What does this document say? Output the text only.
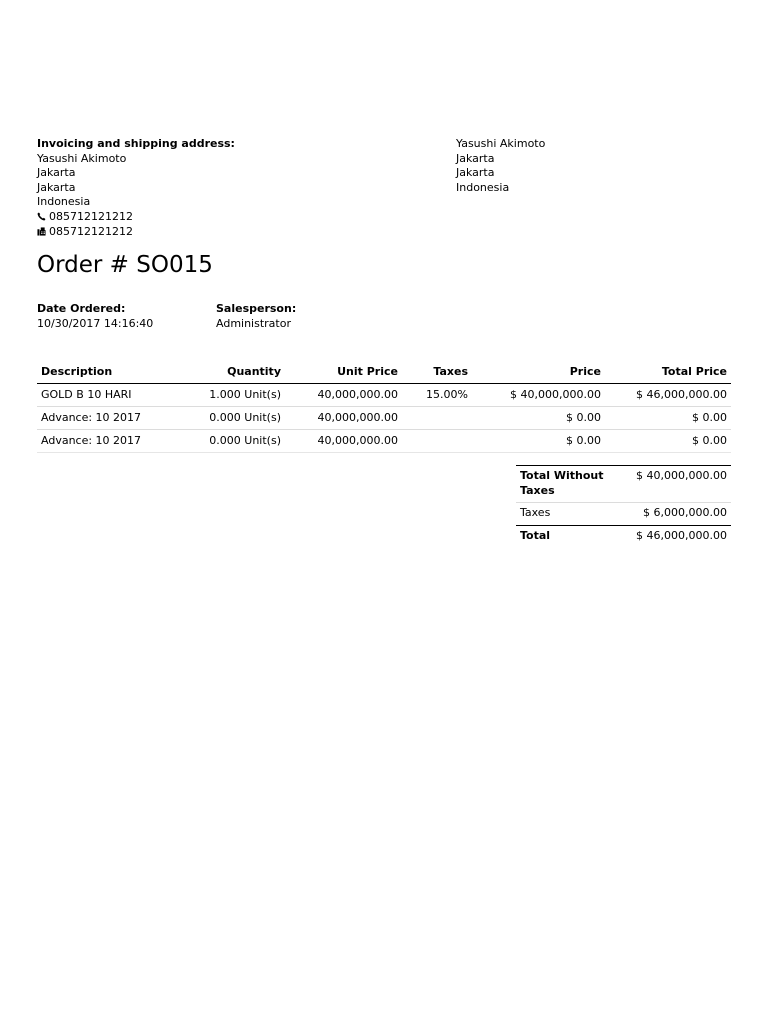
Invoicing and shipping address:
Yasushi Akimoto
Jakarta
Jakarta
Indonesia
085712121212
085712121212
Yasushi Akimoto
Jakarta
Jakarta
Indonesia
Order # SO015
Date Ordered:
10/30/2017 14:16:40
Salesperson:
Administrator
Description	Quantity	Unit Price	Taxes	Price	Total Price
GOLD B 10 HARI	1.000 Unit(s)	40,000,000.00	15.00%	$ 40,000,000.00	$ 46,000,000.00
Advance: 10 2017	0.000 Unit(s)	40,000,000.00		$ 0.00	$ 0.00
Advance: 10 2017	0.000 Unit(s)	40,000,000.00		$ 0.00	$ 0.00
Total Without
Taxes	$ 40,000,000.00
Taxes	$ 6,000,000.00
Total	$ 46,000,000.00
